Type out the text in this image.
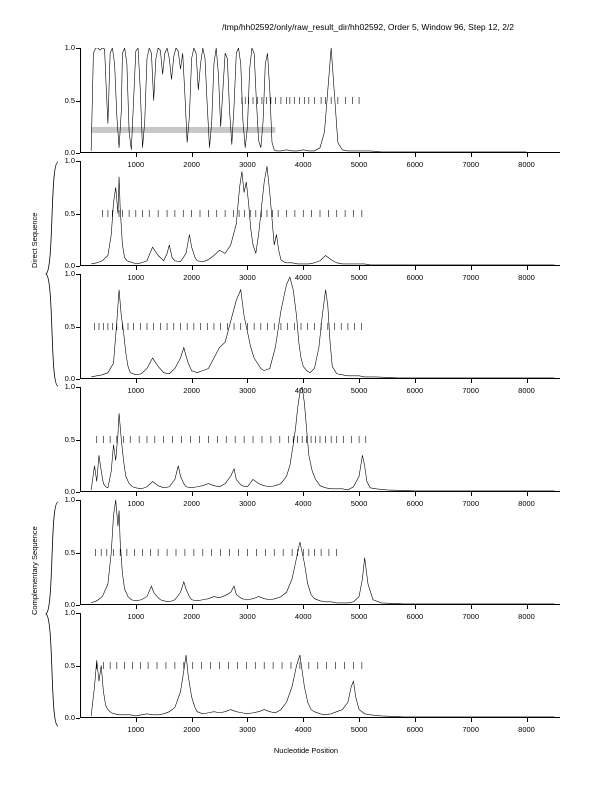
/tmp/hh02592/only/raw_result_dir/hh02592, Order 5, Window 96, Step 12, 2/2
0.0
0.5
1.0
1000	2000	3000	4000	5000	6000	7000	8000
0.0
0.5
1.0
1000	2000	3000	4000	5000	6000	7000	8000
0.0
0.5
1.0
1000	2000	3000	4000	5000	6000	7000	8000
0.0
0.5
1.0
1000	2000	3000	4000	5000	6000	7000	8000
0.0
0.5
1.0
1000	2000	3000	4000	5000	6000	7000	8000
0.0
0.5
1.0
1000	2000	3000	4000	5000	6000	7000	8000
Nucleotide Position
Direct Sequence
Complementary Sequence
